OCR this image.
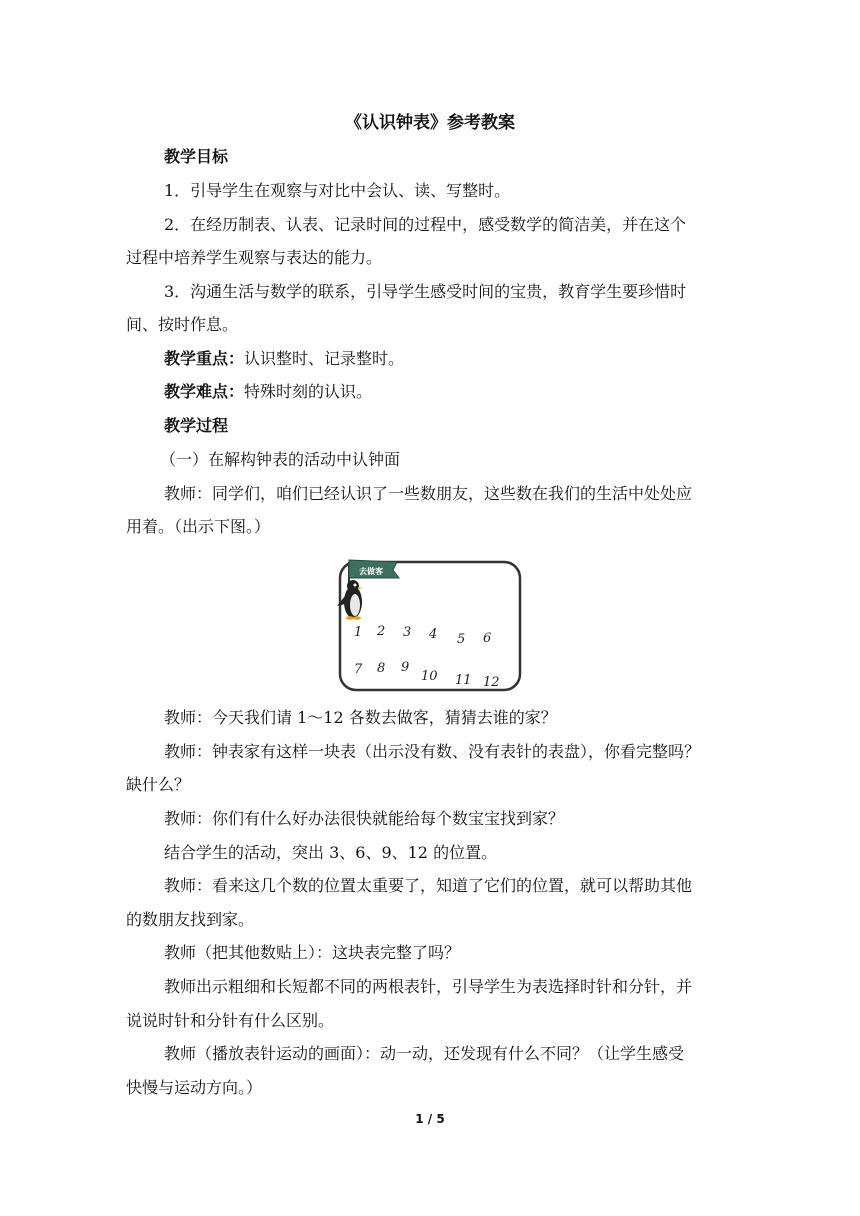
《认识钟表》参考教案
教学目标
1．引导学生在观察与对比中会认、读、写整时。
2．在经历制表、认表、记录时间的过程中，感受数学的简洁美，并在这个
过程中培养学生观察与表达的能力。
3．沟通生活与数学的联系，引导学生感受时间的宝贵，教育学生要珍惜时
间、按时作息。
教学重点：认识整时、记录整时。
教学难点：特殊时刻的认识。
教学过程
（一）在解构钟表的活动中认钟面
教师：同学们，咱们已经认识了一些数朋友，这些数在我们的生活中处处应
用着。（出示下图。）
去做客
1 2 3 4 5 6
7 8 9
10 11 12
教师：今天我们请 1～12 各数去做客，猜猜去谁的家？
教师：钟表家有这样一块表（出示没有数、没有表针的表盘），你看完整吗？
缺什么？
教师：你们有什么好办法很快就能给每个数宝宝找到家？
结合学生的活动，突出 3、6、9、12 的位置。
教师：看来这几个数的位置太重要了，知道了它们的位置，就可以帮助其他
的数朋友找到家。
教师（把其他数贴上）：这块表完整了吗？
教师出示粗细和长短都不同的两根表针，引导学生为表选择时针和分针，并
说说时针和分针有什么区别。
教师（播放表针运动的画面）：动一动，还发现有什么不同？（让学生感受
快慢与运动方向。）
1 / 5
